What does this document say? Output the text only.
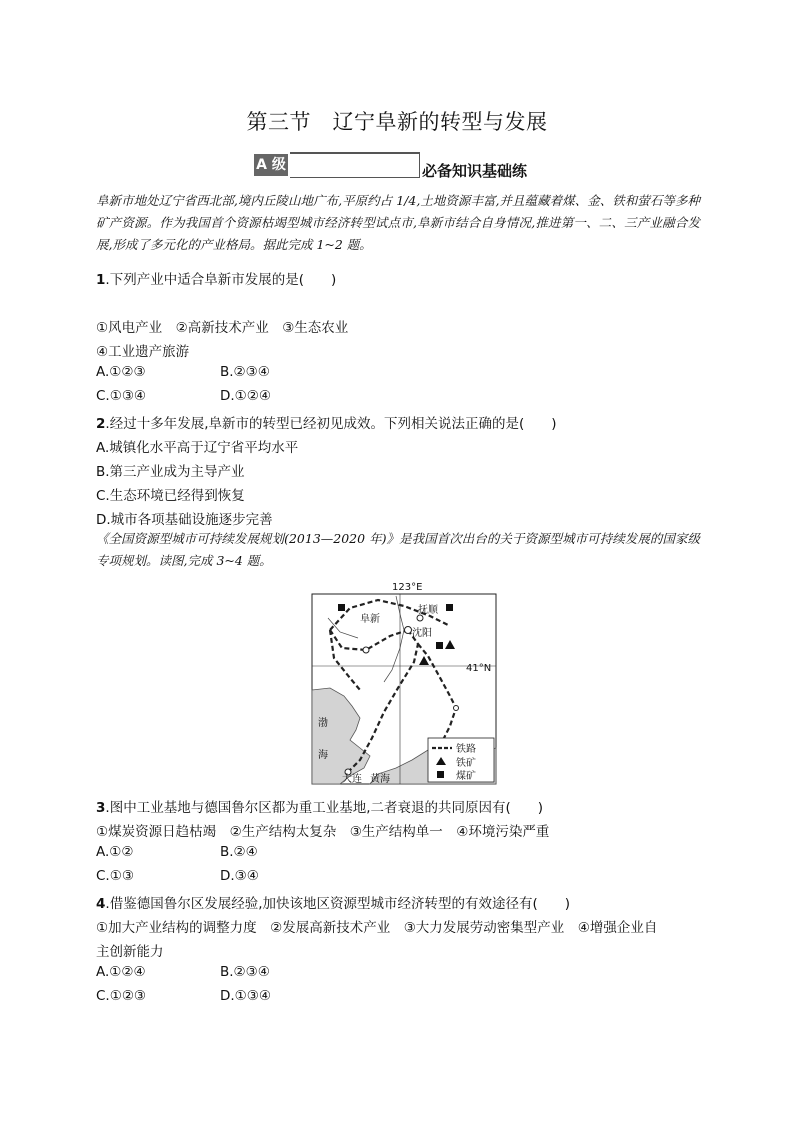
第三节　辽宁阜新的转型与发展
A 级	必备知识基础练
阜新市地处辽宁省西北部,境内丘陵山地广布,平原约占 1/4,土地资源丰富,并且蕴藏着煤、金、铁和萤石等多种矿产资源。作为我国首个资源枯竭型城市经济转型试点市,阜新市结合自身情况,推进第一、二、三产业融合发展,形成了多元化的产业格局。据此完成 1~2 题。
1.下列产业中适合阜新市发展的是(　　)
①风电产业　②高新技术产业　③生态农业
④工业遗产旅游
A.①②③	B.②③④
C.①③④	D.①②④
2.经过十多年发展,阜新市的转型已经初见成效。下列相关说法正确的是(　　)
A.城镇化水平高于辽宁省平均水平
B.第三产业成为主导产业
C.生态环境已经得到恢复
D.城市各项基础设施逐步完善
《全国资源型城市可持续发展规划(2013—2020 年)》是我国首次出台的关于资源型城市可持续发展的国家级专项规划。读图,完成 3~4 题。
123°E
41°N
阜新
抚顺
沈阳
大连
渤
海
黄海
铁路
铁矿
煤矿
3.图中工业基地与德国鲁尔区都为重工业基地,二者衰退的共同原因有(　　)
①煤炭资源日趋枯竭　②生产结构太复杂　③生产结构单一　④环境污染严重
A.①②	B.②④
C.①③	D.③④
4.借鉴德国鲁尔区发展经验,加快该地区资源型城市经济转型的有效途径有(　　)
①加大产业结构的调整力度　②发展高新技术产业　③大力发展劳动密集型产业　④增强企业自
主创新能力
A.①②④	B.②③④
C.①②③	D.①③④
